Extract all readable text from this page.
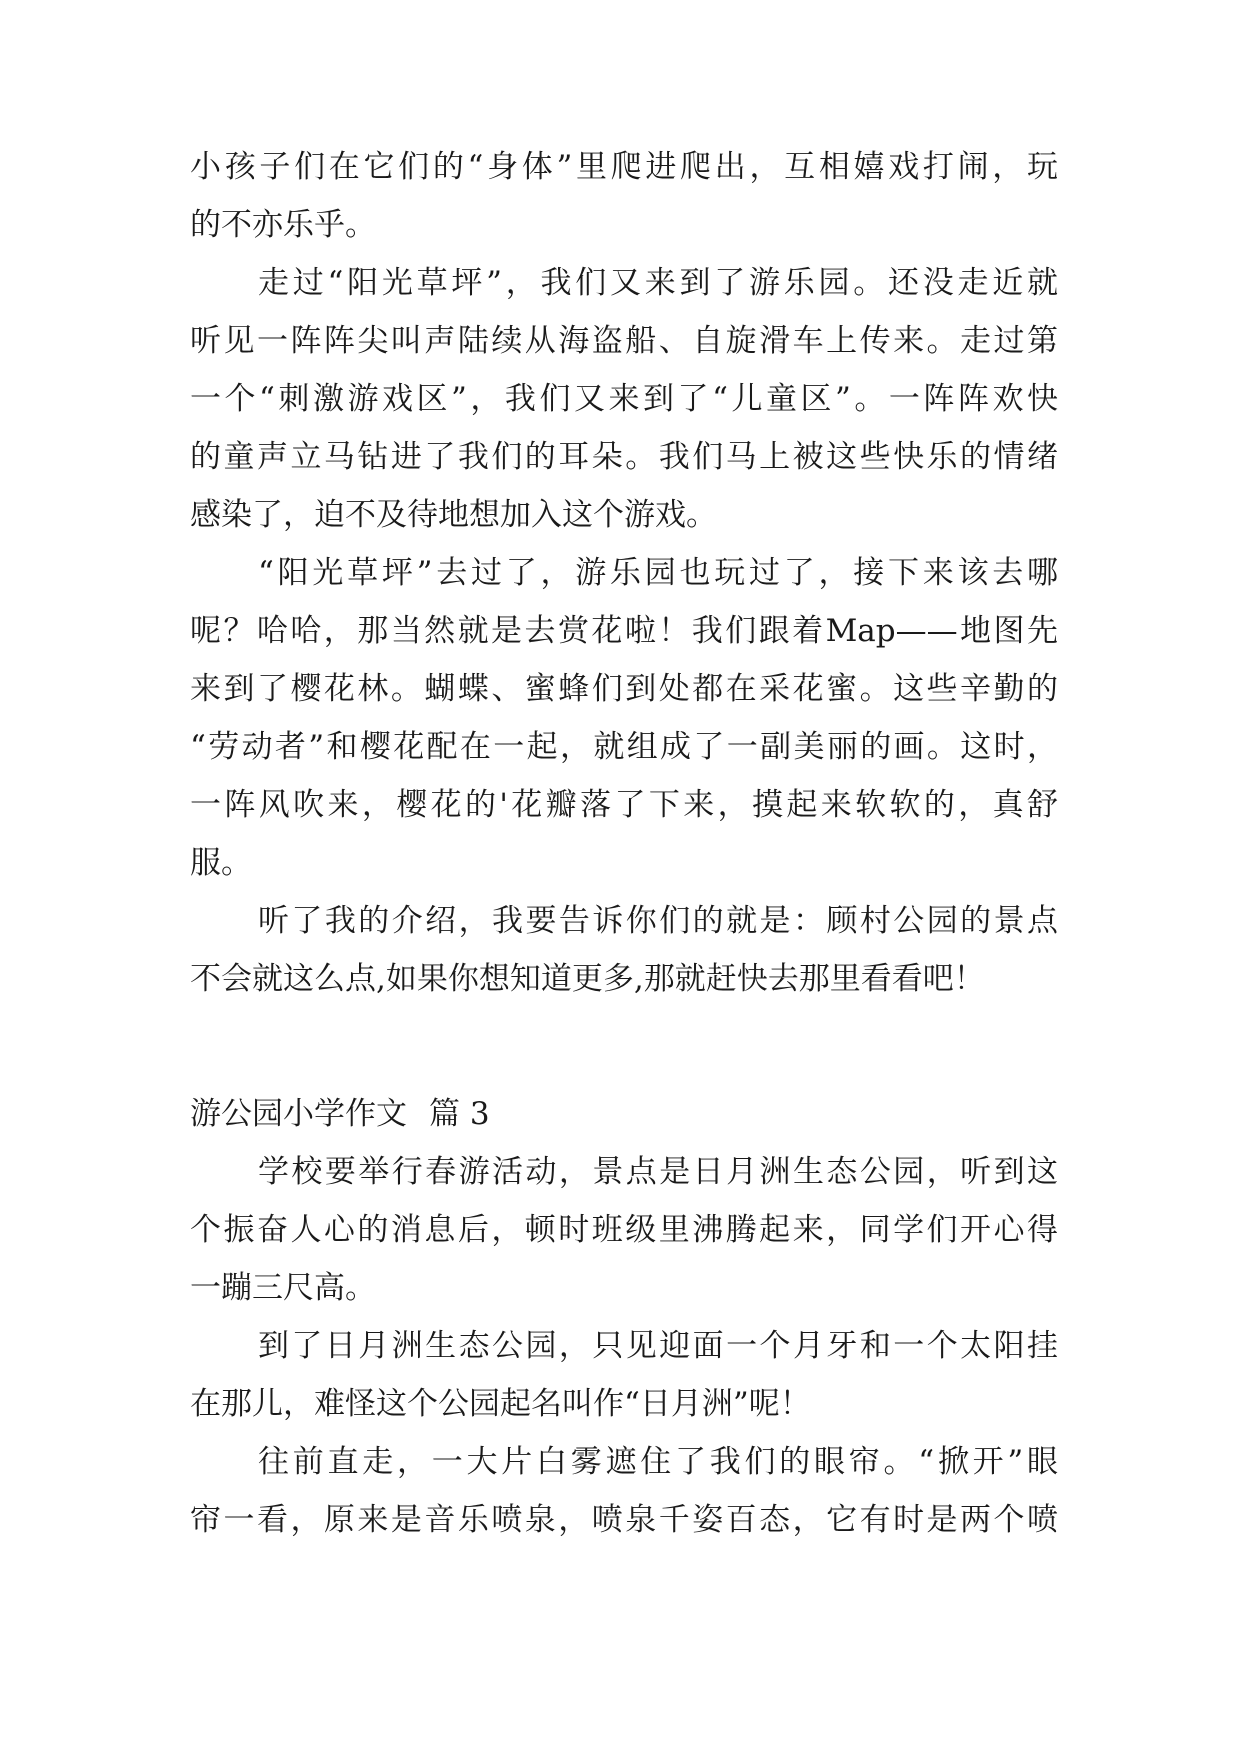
小孩子们在它们的“身体”里爬进爬出，互相嬉戏打闹，玩
的不亦乐乎。
走过“阳光草坪”，我们又来到了游乐园。还没走近就
听见一阵阵尖叫声陆续从海盗船、自旋滑车上传来。走过第
一个“刺激游戏区”，我们又来到了“儿童区”。一阵阵欢快
的童声立马钻进了我们的耳朵。我们马上被这些快乐的情绪
感染了，迫不及待地想加入这个游戏。
“阳光草坪”去过了，游乐园也玩过了，接下来该去哪
呢？哈哈，那当然就是去赏花啦！我们跟着Map——地图先
来到了樱花林。蝴蝶、蜜蜂们到处都在采花蜜。这些辛勤的
“劳动者”和樱花配在一起，就组成了一副美丽的画。这时，
一阵风吹来，樱花的'花瓣落了下来，摸起来软软的，真舒
服。
听了我的介绍，我要告诉你们的就是：顾村公园的景点
不会就这么点,如果你想知道更多,那就赶快去那里看看吧！
游公园小学作文 篇 3
学校要举行春游活动，景点是日月洲生态公园，听到这
个振奋人心的消息后，顿时班级里沸腾起来，同学们开心得
一蹦三尺高。
到了日月洲生态公园，只见迎面一个月牙和一个太阳挂
在那儿，难怪这个公园起名叫作“日月洲”呢！
往前直走，一大片白雾遮住了我们的眼帘。“掀开”眼
帘一看，原来是音乐喷泉，喷泉千姿百态，它有时是两个喷
